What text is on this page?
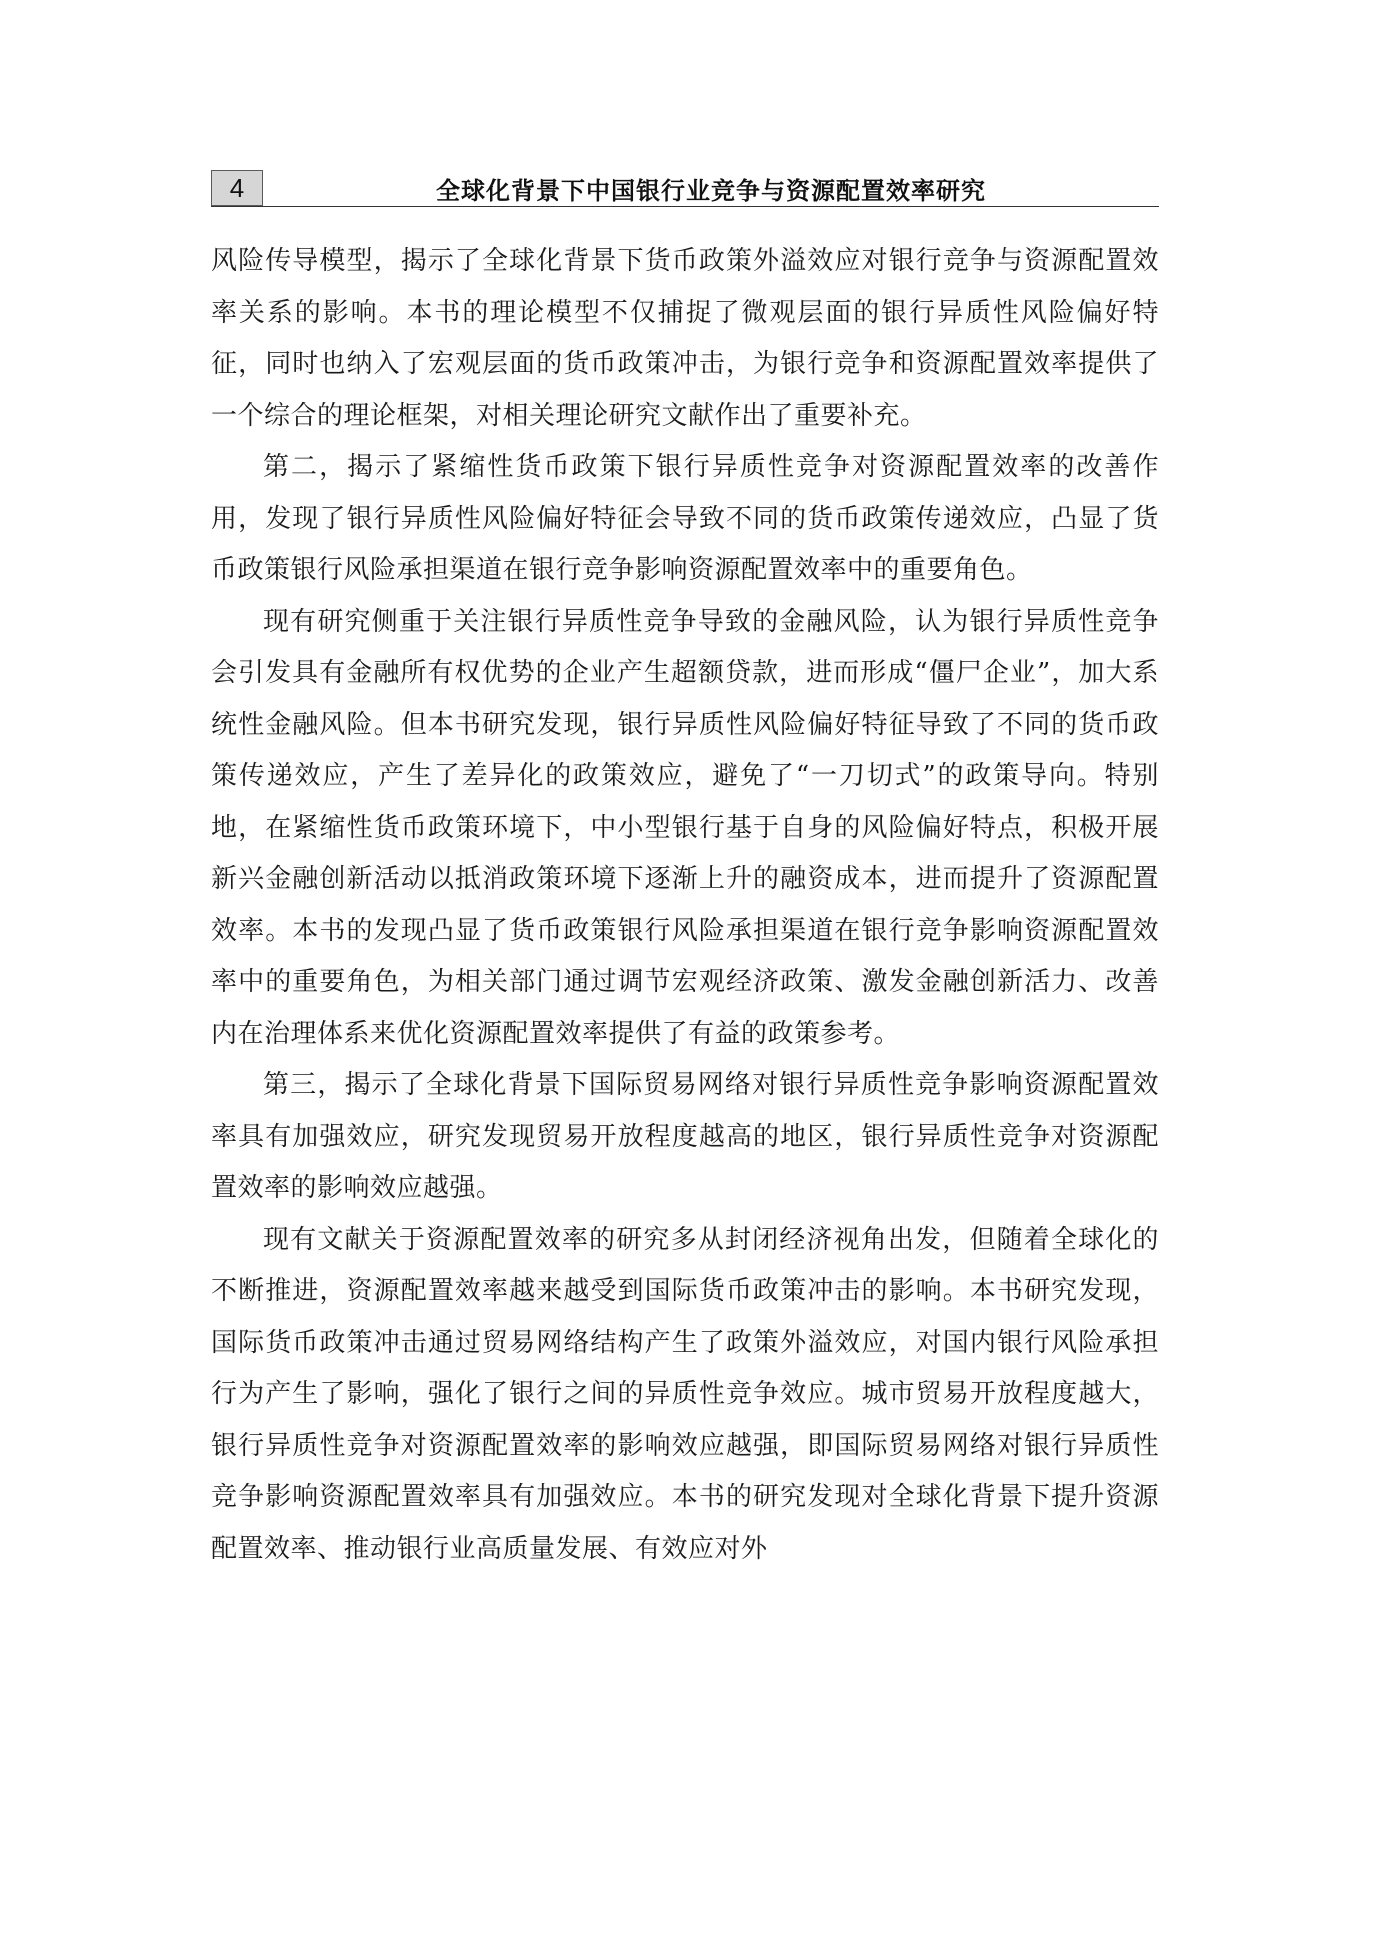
4	全球化背景下中国银行业竞争与资源配置效率研究

风险传导模型，揭示了全球化背景下货币政策外溢效应对银行竞争与资源配置效率关系的影响。本书的理论模型不仅捕捉了微观层面的银行异质性风险偏好特征，同时也纳入了宏观层面的货币政策冲击，为银行竞争和资源配置效率提供了一个综合的理论框架，对相关理论研究文献作出了重要补充。

第二，揭示了紧缩性货币政策下银行异质性竞争对资源配置效率的改善作用，发现了银行异质性风险偏好特征会导致不同的货币政策传递效应，凸显了货币政策银行风险承担渠道在银行竞争影响资源配置效率中的重要角色。

现有研究侧重于关注银行异质性竞争导致的金融风险，认为银行异质性竞争会引发具有金融所有权优势的企业产生超额贷款，进而形成“僵尸企业”，加大系统性金融风险。但本书研究发现，银行异质性风险偏好特征导致了不同的货币政策传递效应，产生了差异化的政策效应，避免了“一刀切式”的政策导向。特别地，在紧缩性货币政策环境下，中小型银行基于自身的风险偏好特点，积极开展新兴金融创新活动以抵消政策环境下逐渐上升的融资成本，进而提升了资源配置效率。本书的发现凸显了货币政策银行风险承担渠道在银行竞争影响资源配置效率中的重要角色，为相关部门通过调节宏观经济政策、激发金融创新活力、改善内在治理体系来优化资源配置效率提供了有益的政策参考。

第三，揭示了全球化背景下国际贸易网络对银行异质性竞争影响资源配置效率具有加强效应，研究发现贸易开放程度越高的地区，银行异质性竞争对资源配置效率的影响效应越强。

现有文献关于资源配置效率的研究多从封闭经济视角出发，但随着全球化的不断推进，资源配置效率越来越受到国际货币政策冲击的影响。本书研究发现，国际货币政策冲击通过贸易网络结构产生了政策外溢效应，对国内银行风险承担行为产生了影响，强化了银行之间的异质性竞争效应。城市贸易开放程度越大，银行异质性竞争对资源配置效率的影响效应越强，即国际贸易网络对银行异质性竞争影响资源配置效率具有加强效应。本书的研究发现对全球化背景下提升资源配置效率、推动银行业高质量发展、有效应对外
